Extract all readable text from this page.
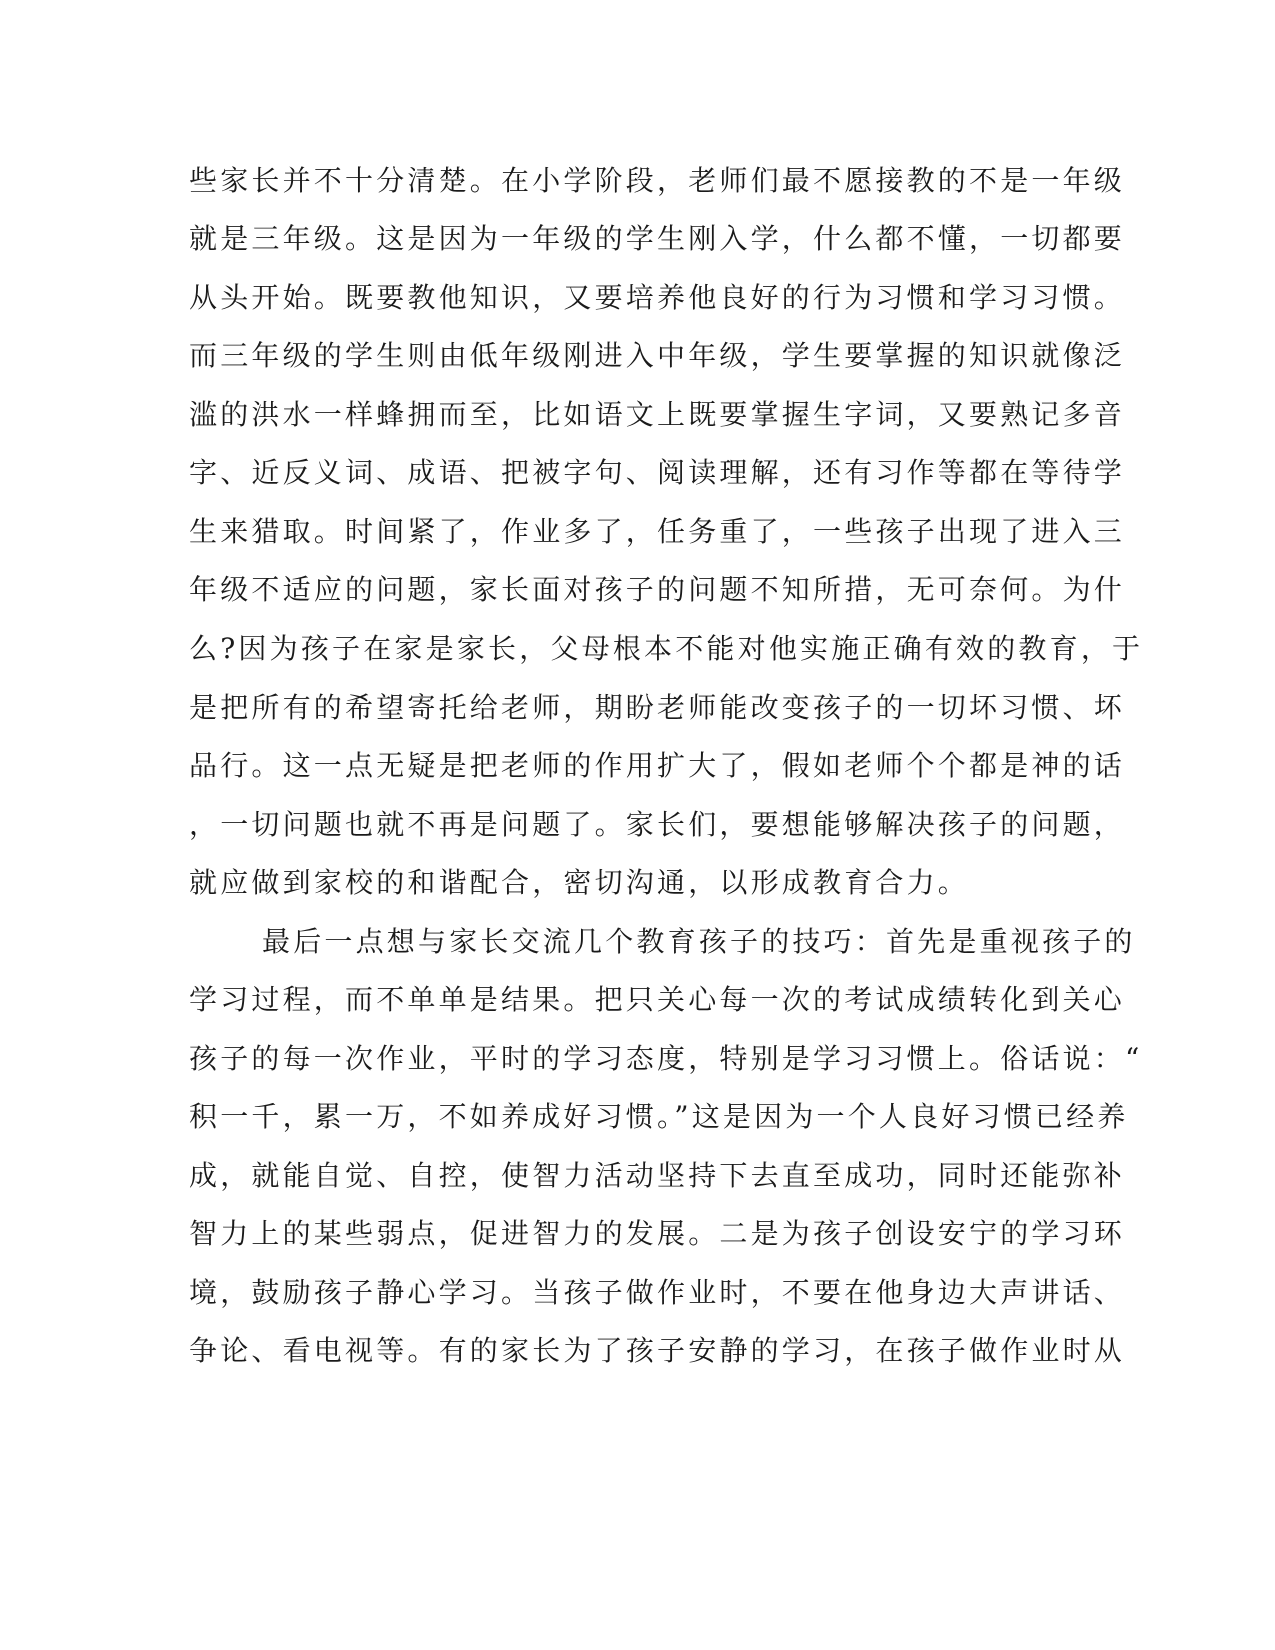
些家长并不十分清楚。在小学阶段，老师们最不愿接教的不是一年级
就是三年级。这是因为一年级的学生刚入学，什么都不懂，一切都要
从头开始。既要教他知识，又要培养他良好的行为习惯和学习习惯。
而三年级的学生则由低年级刚进入中年级，学生要掌握的知识就像泛
滥的洪水一样蜂拥而至，比如语文上既要掌握生字词，又要熟记多音
字、近反义词、成语、把被字句、阅读理解，还有习作等都在等待学
生来猎取。时间紧了，作业多了，任务重了，一些孩子出现了进入三
年级不适应的问题，家长面对孩子的问题不知所措，无可奈何。为什
么?因为孩子在家是家长，父母根本不能对他实施正确有效的教育，于
是把所有的希望寄托给老师，期盼老师能改变孩子的一切坏习惯、坏
品行。这一点无疑是把老师的作用扩大了，假如老师个个都是神的话
，一切问题也就不再是问题了。家长们，要想能够解决孩子的问题，
就应做到家校的和谐配合，密切沟通，以形成教育合力。
最后一点想与家长交流几个教育孩子的技巧：首先是重视孩子的
学习过程，而不单单是结果。把只关心每一次的考试成绩转化到关心
孩子的每一次作业，平时的学习态度，特别是学习习惯上。俗话说：“
积一千，累一万，不如养成好习惯。”这是因为一个人良好习惯已经养
成，就能自觉、自控，使智力活动坚持下去直至成功，同时还能弥补
智力上的某些弱点，促进智力的发展。二是为孩子创设安宁的学习环
境，鼓励孩子静心学习。当孩子做作业时，不要在他身边大声讲话、
争论、看电视等。有的家长为了孩子安静的学习，在孩子做作业时从
